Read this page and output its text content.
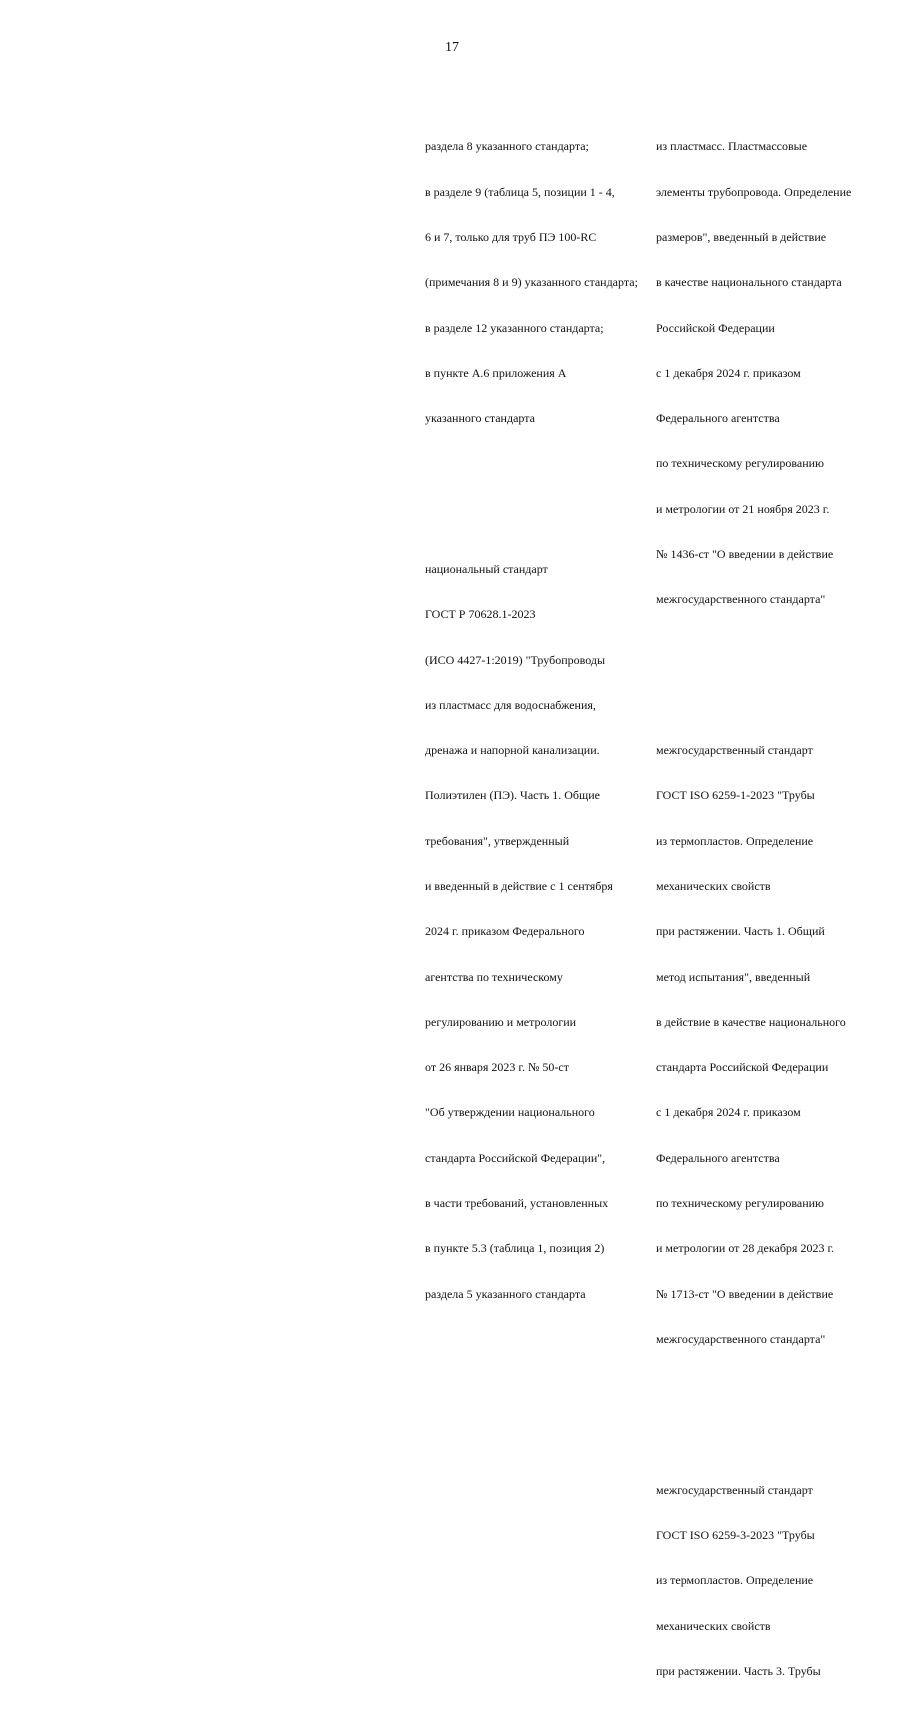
17

раздела 8 указанного стандарта;

в разделе 9 (таблица 5, позиции 1 - 4,

6 и 7, только для труб ПЭ 100-RC

(примечания 8 и 9) указанного стандарта;

в разделе 12 указанного стандарта;

в пункте А.6 приложения А

указанного стандарта

национальный стандарт

ГОСТ Р 70628.1-2023

(ИСО 4427-1:2019) "Трубопроводы

из пластмасс для водоснабжения,

дренажа и напорной канализации.

Полиэтилен (ПЭ). Часть 1. Общие

требования", утвержденный

и введенный в действие с 1 сентября

2024 г. приказом Федерального

агентства по техническому

регулированию и метрологии

от 26 января 2023 г. № 50-ст

"Об утверждении национального

стандарта Российской Федерации",

в части требований, установленных

в пункте 5.3 (таблица 1, позиция 2)

раздела 5 указанного стандарта

из пластмасс. Пластмассовые

элементы трубопровода. Определение

размеров", введенный в действие

в качестве национального стандарта

Российской Федерации

с 1 декабря 2024 г. приказом

Федерального агентства

по техническому регулированию

и метрологии от 21 ноября 2023 г.

№ 1436-ст "О введении в действие

межгосударственного стандарта"

межгосударственный стандарт

ГОСТ ISO 6259-1-2023 "Трубы

из термопластов. Определение

механических свойств

при растяжении. Часть 1. Общий

метод испытания", введенный

в действие в качестве национального

стандарта Российской Федерации

с 1 декабря 2024 г. приказом

Федерального агентства

по техническому регулированию

и метрологии от 28 декабря 2023 г.

№ 1713-ст "О введении в действие

межгосударственного стандарта"

межгосударственный стандарт

ГОСТ ISO 6259-3-2023 "Трубы

из термопластов. Определение

механических свойств

при растяжении. Часть 3. Трубы
